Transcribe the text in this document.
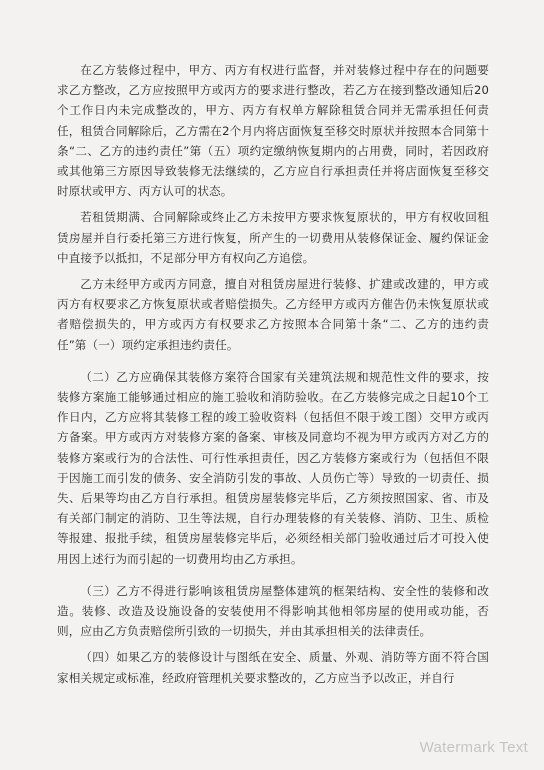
在乙方装修过程中，甲方、丙方有权进行监督，并对装修过程中存在的问题要求乙方整改，乙方应按照甲方或丙方的要求进行整改，若乙方在接到整改通知后20个工作日内未完成整改的，甲方、丙方有权单方解除租赁合同并无需承担任何责任，租赁合同解除后，乙方需在2个月内将店面恢复至移交时原状并按照本合同第十条“二、乙方的违约责任”第（五）项约定缴纳恢复期内的占用费，同时，若因政府或其他第三方原因导致装修无法继续的，乙方应自行承担责任并将店面恢复至移交时原状或甲方、丙方认可的状态。

若租赁期满、合同解除或终止乙方未按甲方要求恢复原状的，甲方有权收回租赁房屋并自行委托第三方进行恢复，所产生的一切费用从装修保证金、履约保证金中直接予以抵扣，不足部分甲方有权向乙方追偿。

乙方未经甲方或丙方同意，擅自对租赁房屋进行装修、扩建或改建的，甲方或丙方有权要求乙方恢复原状或者赔偿损失。乙方经甲方或丙方催告仍未恢复原状或者赔偿损失的，甲方或丙方有权要求乙方按照本合同第十条“二、乙方的违约责任”第（一）项约定承担违约责任。

（二）乙方应确保其装修方案符合国家有关建筑法规和规范性文件的要求，按装修方案施工能够通过相应的施工验收和消防验收。在乙方装修完成之日起10个工作日内，乙方应将其装修工程的竣工验收资料（包括但不限于竣工图）交甲方或丙方备案。甲方或丙方对装修方案的备案、审核及同意均不视为甲方或丙方对乙方的装修方案或行为的合法性、可行性承担责任，因乙方装修方案或行为（包括但不限于因施工而引发的债务、安全消防引发的事故、人员伤亡等）导致的一切责任、损失、后果等均由乙方自行承担。租赁房屋装修完毕后，乙方须按照国家、省、市及有关部门制定的消防、卫生等法规，自行办理装修的有关装修、消防、卫生、质检等报建、报批手续，租赁房屋装修完毕后，必须经相关部门验收通过后才可投入使用因上述行为而引起的一切费用均由乙方承担。

（三）乙方不得进行影响该租赁房屋整体建筑的框架结构、安全性的装修和改造。装修、改造及设施设备的安装使用不得影响其他相邻房屋的使用或功能，否则，应由乙方负责赔偿所引致的一切损失，并由其承担相关的法律责任。

（四）如果乙方的装修设计与图纸在安全、质量、外观、消防等方面不符合国家相关规定或标准，经政府管理机关要求整改的，乙方应当予以改正，并自行

Watermark Text
